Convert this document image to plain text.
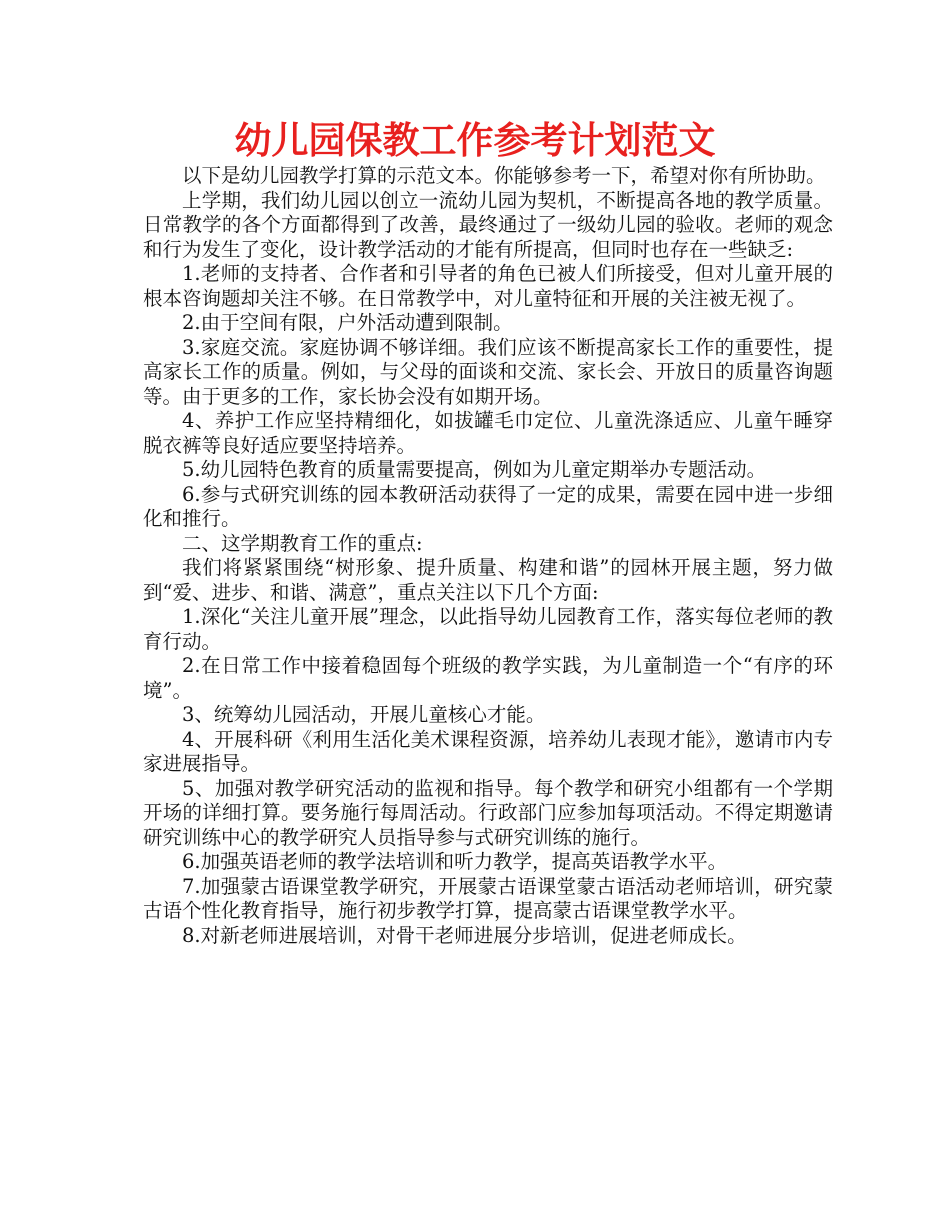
幼儿园保教工作参考计划范文

以下是幼儿园教学打算的示范文本。你能够参考一下，希望对你有所协助。

上学期，我们幼儿园以创立一流幼儿园为契机，不断提高各地的教学质量。日常教学的各个方面都得到了改善，最终通过了一级幼儿园的验收。老师的观念和行为发生了变化，设计教学活动的才能有所提高，但同时也存在一些缺乏:

1.老师的支持者、合作者和引导者的角色已被人们所接受，但对儿童开展的根本咨询题却关注不够。在日常教学中，对儿童特征和开展的关注被无视了。

2.由于空间有限，户外活动遭到限制。

3.家庭交流。家庭协调不够详细。我们应该不断提高家长工作的重要性，提高家长工作的质量。例如，与父母的面谈和交流、家长会、开放日的质量咨询题等。由于更多的工作，家长协会没有如期开场。

4、养护工作应坚持精细化，如拔罐毛巾定位、儿童洗涤适应、儿童午睡穿脱衣裤等良好适应要坚持培养。

5.幼儿园特色教育的质量需要提高，例如为儿童定期举办专题活动。

6.参与式研究训练的园本教研活动获得了一定的成果，需要在园中进一步细化和推行。

二、这学期教育工作的重点:

我们将紧紧围绕“树形象、提升质量、构建和谐”的园林开展主题，努力做到“爱、进步、和谐、满意”，重点关注以下几个方面:

1.深化“关注儿童开展”理念，以此指导幼儿园教育工作，落实每位老师的教育行动。

2.在日常工作中接着稳固每个班级的教学实践，为儿童制造一个“有序的环境”。

3、统筹幼儿园活动，开展儿童核心才能。

4、开展科研《利用生活化美术课程资源，培养幼儿表现才能》，邀请市内专家进展指导。

5、加强对教学研究活动的监视和指导。每个教学和研究小组都有一个学期开场的详细打算。要务施行每周活动。行政部门应参加每项活动。不得定期邀请研究训练中心的教学研究人员指导参与式研究训练的施行。

6.加强英语老师的教学法培训和听力教学，提高英语教学水平。

7.加强蒙古语课堂教学研究，开展蒙古语课堂蒙古语活动老师培训，研究蒙古语个性化教育指导，施行初步教学打算，提高蒙古语课堂教学水平。

8.对新老师进展培训，对骨干老师进展分步培训，促进老师成长。
